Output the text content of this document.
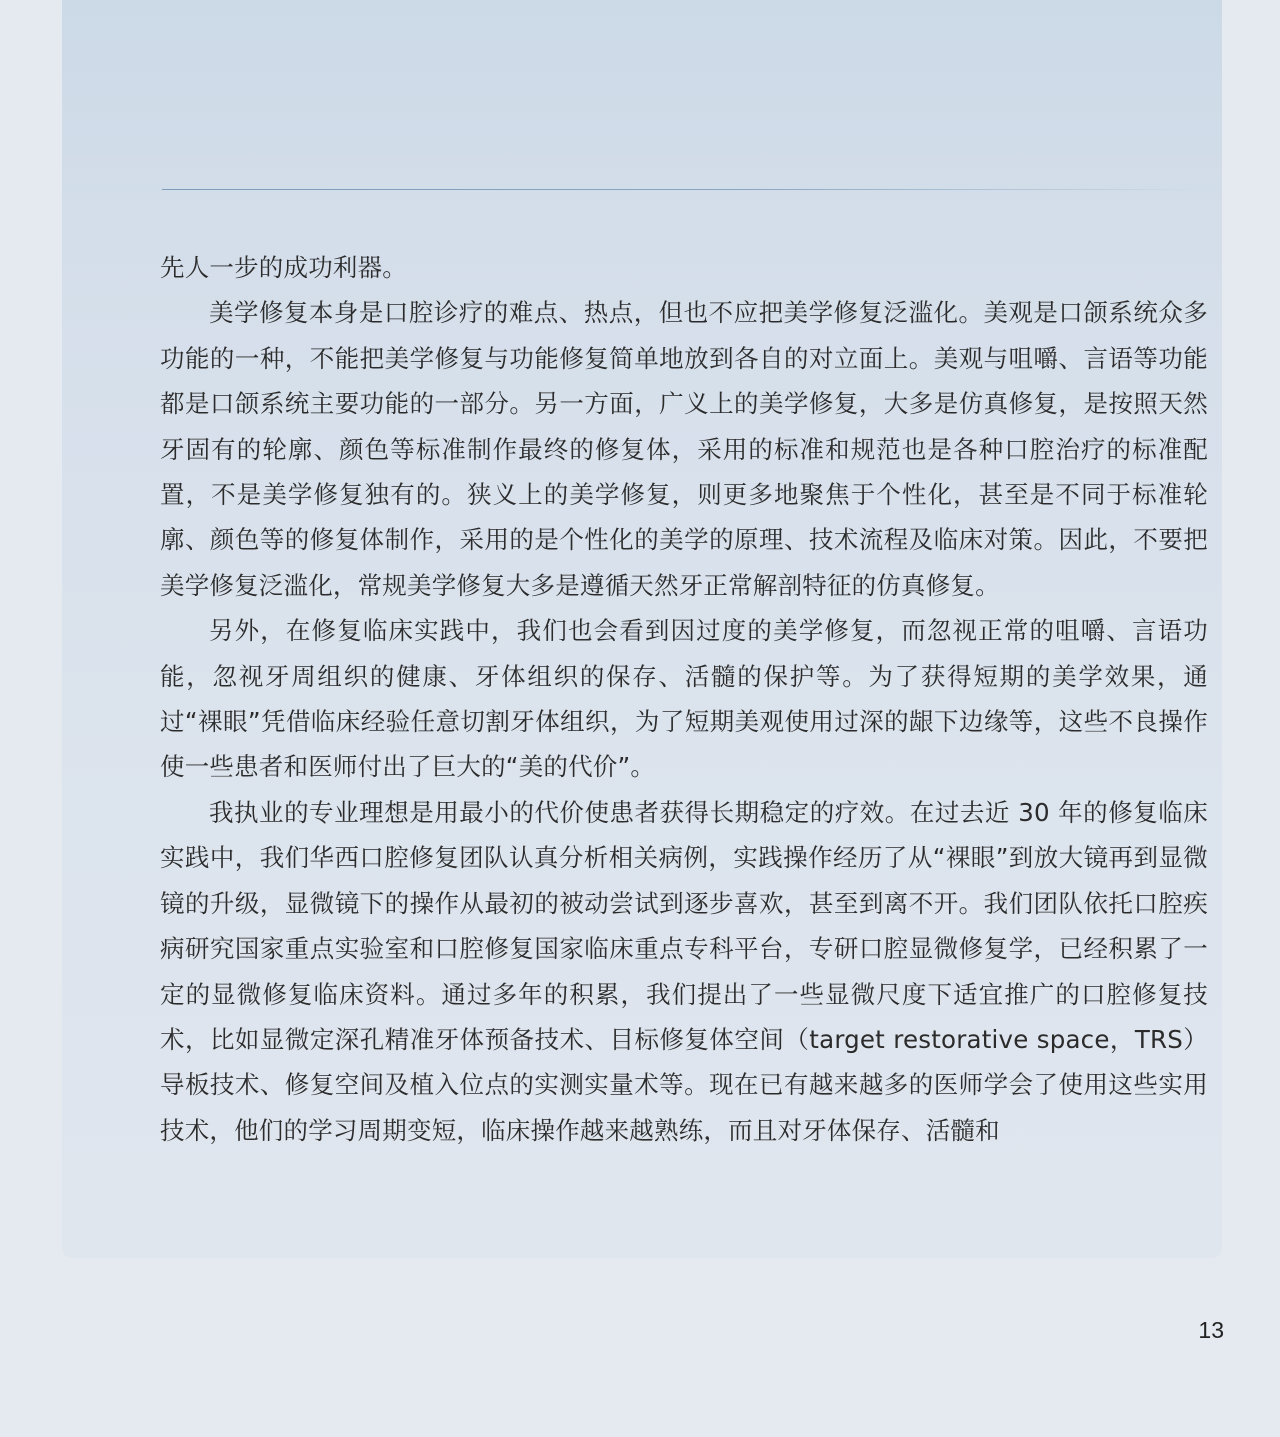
先人一步的成功利器。

美学修复本身是口腔诊疗的难点、热点，但也不应把美学修复泛滥化。美观是口颌系统众多功能的一种，不能把美学修复与功能修复简单地放到各自的对立面上。美观与咀嚼、言语等功能都是口颌系统主要功能的一部分。另一方面，广义上的美学修复，大多是仿真修复，是按照天然牙固有的轮廓、颜色等标准制作最终的修复体，采用的标准和规范也是各种口腔治疗的标准配置，不是美学修复独有的。狭义上的美学修复，则更多地聚焦于个性化，甚至是不同于标准轮廓、颜色等的修复体制作，采用的是个性化的美学的原理、技术流程及临床对策。因此，不要把美学修复泛滥化，常规美学修复大多是遵循天然牙正常解剖特征的仿真修复。

另外，在修复临床实践中，我们也会看到因过度的美学修复，而忽视正常的咀嚼、言语功能，忽视牙周组织的健康、牙体组织的保存、活髓的保护等。为了获得短期的美学效果，通过“裸眼”凭借临床经验任意切割牙体组织，为了短期美观使用过深的龈下边缘等，这些不良操作使一些患者和医师付出了巨大的“美的代价”。

我执业的专业理想是用最小的代价使患者获得长期稳定的疗效。在过去近 30 年的修复临床实践中，我们华西口腔修复团队认真分析相关病例，实践操作经历了从“裸眼”到放大镜再到显微镜的升级，显微镜下的操作从最初的被动尝试到逐步喜欢，甚至到离不开。我们团队依托口腔疾病研究国家重点实验室和口腔修复国家临床重点专科平台，专研口腔显微修复学，已经积累了一定的显微修复临床资料。通过多年的积累，我们提出了一些显微尺度下适宜推广的口腔修复技术，比如显微定深孔精准牙体预备技术、目标修复体空间（target restorative space，TRS）导板技术、修复空间及植入位点的实测实量术等。现在已有越来越多的医师学会了使用这些实用技术，他们的学习周期变短，临床操作越来越熟练，而且对牙体保存、活髓和

13
